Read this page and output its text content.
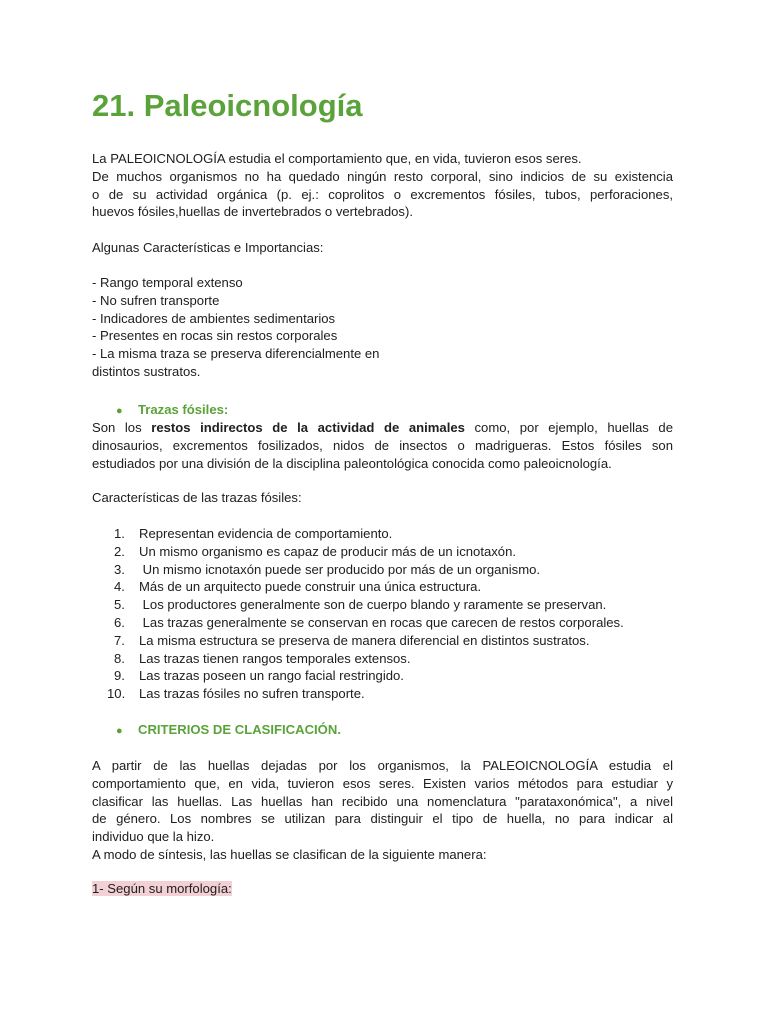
21. Paleoicnología
La PALEOICNOLOGÍA estudia el comportamiento que, en vida, tuvieron esos seres.
De muchos organismos no ha quedado ningún resto corporal, sino indicios de su existencia
o de su actividad orgánica (p. ej.: coprolitos o excrementos fósiles, tubos, perforaciones,
huevos fósiles,huellas de invertebrados o vertebrados).
Algunas Características e Importancias:
- Rango temporal extenso
- No sufren transporte
- Indicadores de ambientes sedimentarios
- Presentes en rocas sin restos corporales
- La misma traza se preserva diferencialmente en
distintos sustratos.
● Trazas fósiles:
Son los restos indirectos de la actividad de animales como, por ejemplo, huellas de
dinosaurios, excrementos fosilizados, nidos de insectos o madrigueras. Estos fósiles son
estudiados por una división de la disciplina paleontológica conocida como paleoicnología.
Características de las trazas fósiles:
1. Representan evidencia de comportamiento.
2. Un mismo organismo es capaz de producir más de un icnotaxón.
3. Un mismo icnotaxón puede ser producido por más de un organismo.
4. Más de un arquitecto puede construir una única estructura.
5. Los productores generalmente son de cuerpo blando y raramente se preservan.
6. Las trazas generalmente se conservan en rocas que carecen de restos corporales.
7. La misma estructura se preserva de manera diferencial en distintos sustratos.
8. Las trazas tienen rangos temporales extensos.
9. Las trazas poseen un rango facial restringido.
10. Las trazas fósiles no sufren transporte.
● CRITERIOS DE CLASIFICACIÓN.
A partir de las huellas dejadas por los organismos, la PALEOICNOLOGÍA estudia el
comportamiento que, en vida, tuvieron esos seres. Existen varios métodos para estudiar y
clasificar las huellas. Las huellas han recibido una nomenclatura "parataxonómica", a nivel
de género. Los nombres se utilizan para distinguir el tipo de huella, no para indicar al
individuo que la hizo.
A modo de síntesis, las huellas se clasifican de la siguiente manera:
1- Según su morfología:
